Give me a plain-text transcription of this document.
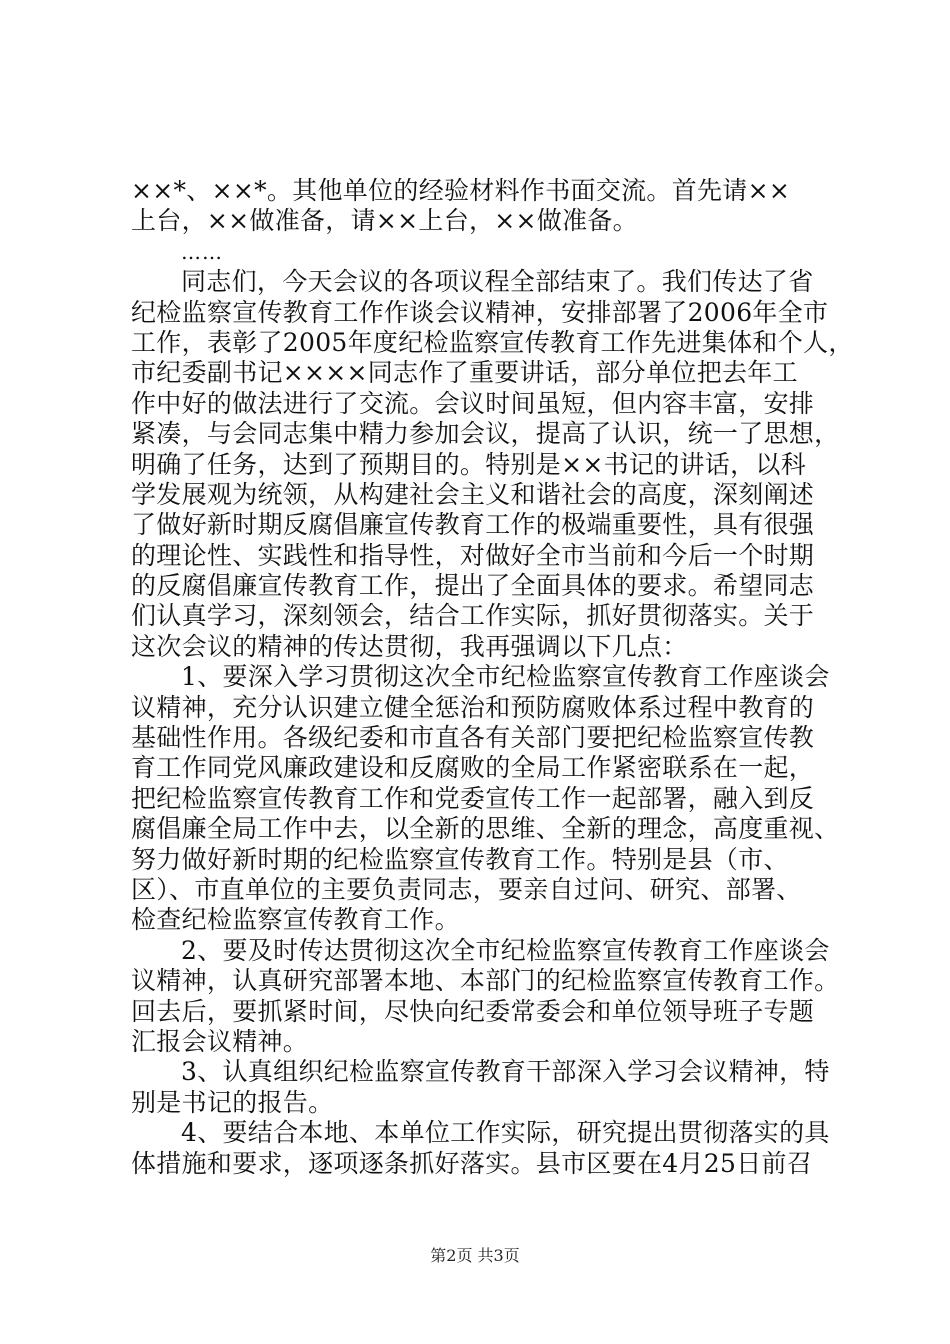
××*、××*。其他单位的经验材料作书面交流。首先请××
上台，××做准备，请××上台，××做准备。
……
同志们，今天会议的各项议程全部结束了。我们传达了省
纪检监察宣传教育工作作谈会议精神，安排部署了2006年全市
工作，表彰了2005年度纪检监察宣传教育工作先进集体和个人，
市纪委副书记××××同志作了重要讲话，部分单位把去年工
作中好的做法进行了交流。会议时间虽短，但内容丰富，安排
紧凑，与会同志集中精力参加会议，提高了认识，统一了思想，
明确了任务，达到了预期目的。特别是××书记的讲话，以科
学发展观为统领，从构建社会主义和谐社会的高度，深刻阐述
了做好新时期反腐倡廉宣传教育工作的极端重要性，具有很强
的理论性、实践性和指导性，对做好全市当前和今后一个时期
的反腐倡廉宣传教育工作，提出了全面具体的要求。希望同志
们认真学习，深刻领会，结合工作实际，抓好贯彻落实。关于
这次会议的精神的传达贯彻，我再强调以下几点：
1、要深入学习贯彻这次全市纪检监察宣传教育工作座谈会
议精神，充分认识建立健全惩治和预防腐败体系过程中教育的
基础性作用。各级纪委和市直各有关部门要把纪检监察宣传教
育工作同党风廉政建设和反腐败的全局工作紧密联系在一起，
把纪检监察宣传教育工作和党委宣传工作一起部署，融入到反
腐倡廉全局工作中去，以全新的思维、全新的理念，高度重视、
努力做好新时期的纪检监察宣传教育工作。特别是县（市、
区）、市直单位的主要负责同志，要亲自过问、研究、部署、
检查纪检监察宣传教育工作。
2、要及时传达贯彻这次全市纪检监察宣传教育工作座谈会
议精神，认真研究部署本地、本部门的纪检监察宣传教育工作。
回去后，要抓紧时间，尽快向纪委常委会和单位领导班子专题
汇报会议精神。
3、认真组织纪检监察宣传教育干部深入学习会议精神，特
别是书记的报告。
4、要结合本地、本单位工作实际，研究提出贯彻落实的具
体措施和要求，逐项逐条抓好落实。县市区要在4月25日前召
第2页 共3页
